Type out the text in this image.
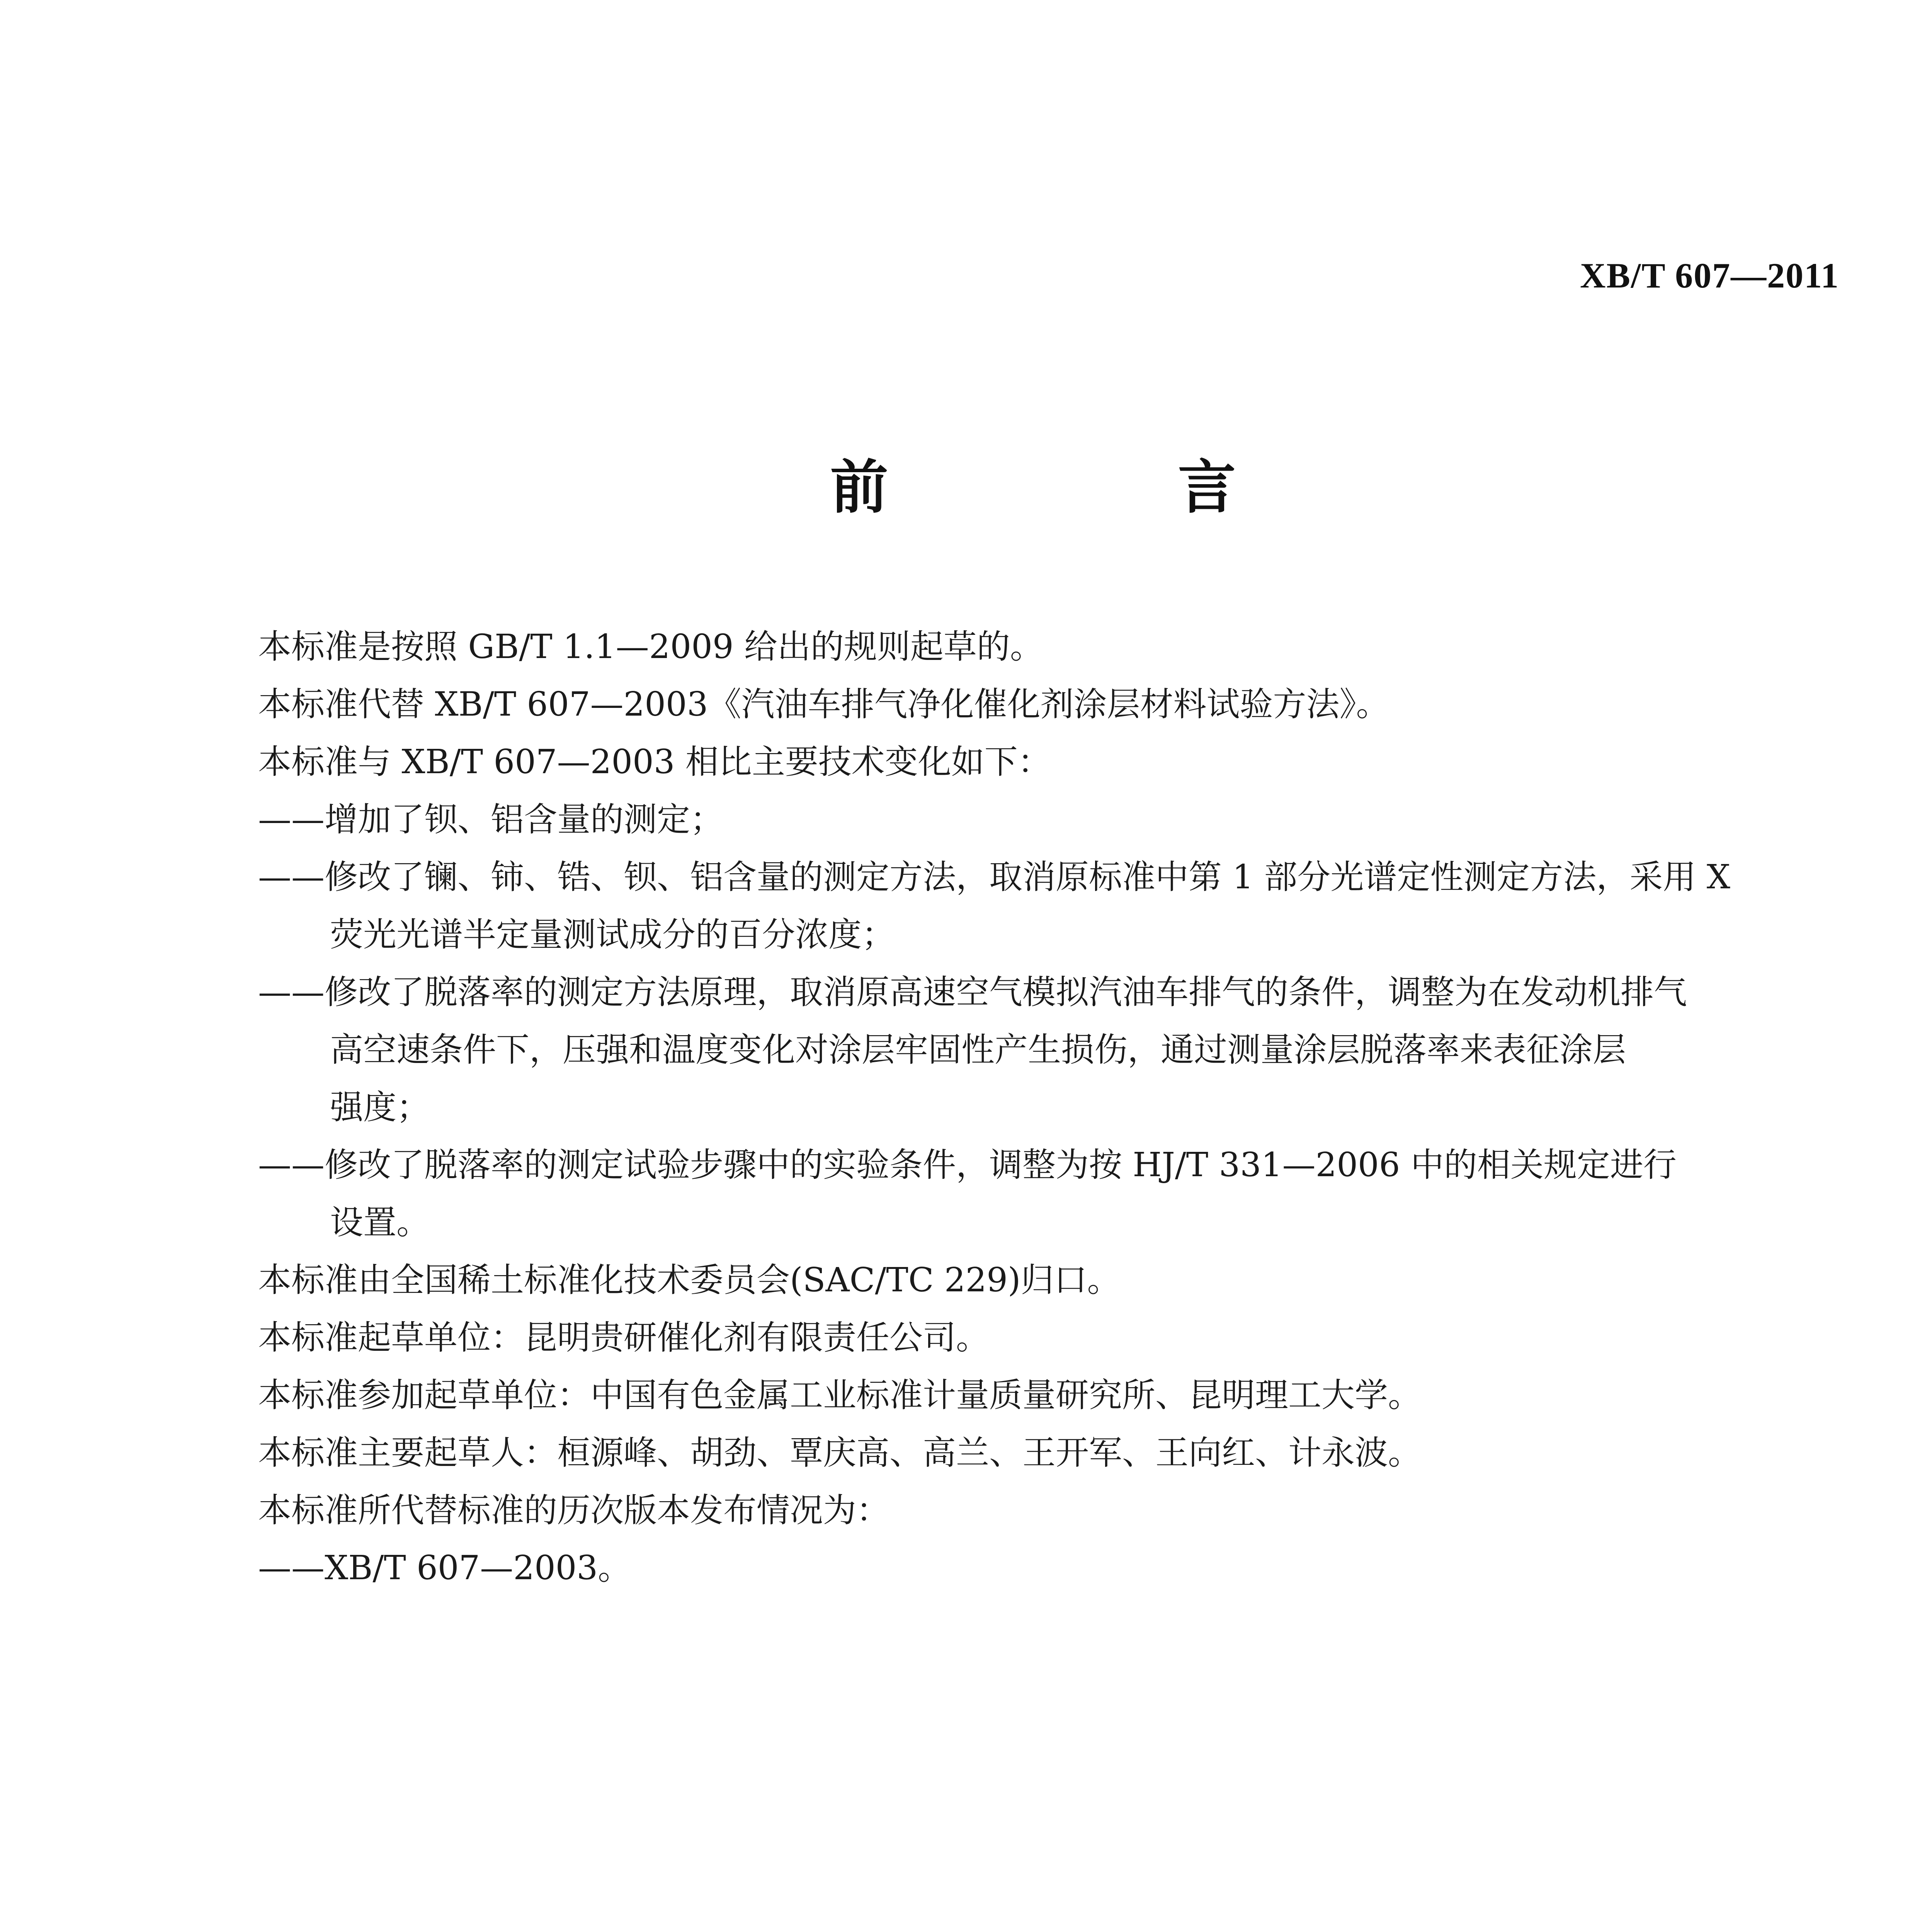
XB/T 607—2011
前　言

本标准是按照 GB/T 1.1—2009 给出的规则起草的。

本标准代替 XB/T 607—2003《汽油车排气净化催化剂涂层材料试验方法》。

本标准与 XB/T 607—2003 相比主要技术变化如下：

——增加了钡、铝含量的测定；
——修改了镧、铈、锆、钡、铝含量的测定方法，取消原标准中第 1 部分光谱定性测定方法，采用 X
荧光光谱半定量测试成分的百分浓度；
——修改了脱落率的测定方法原理，取消原高速空气模拟汽油车排气的条件，调整为在发动机排气
高空速条件下，压强和温度变化对涂层牢固性产生损伤，通过测量涂层脱落率来表征涂层
强度；
——修改了脱落率的测定试验步骤中的实验条件，调整为按 HJ/T 331—2006 中的相关规定进行
设置。

本标准由全国稀土标准化技术委员会(SAC/TC 229)归口。

本标准起草单位：昆明贵研催化剂有限责任公司。

本标准参加起草单位：中国有色金属工业标准计量质量研究所、昆明理工大学。

本标准主要起草人：桓源峰、胡劲、覃庆高、高兰、王开军、王向红、计永波。

本标准所代替标准的历次版本发布情况为：

——XB/T 607—2003。
